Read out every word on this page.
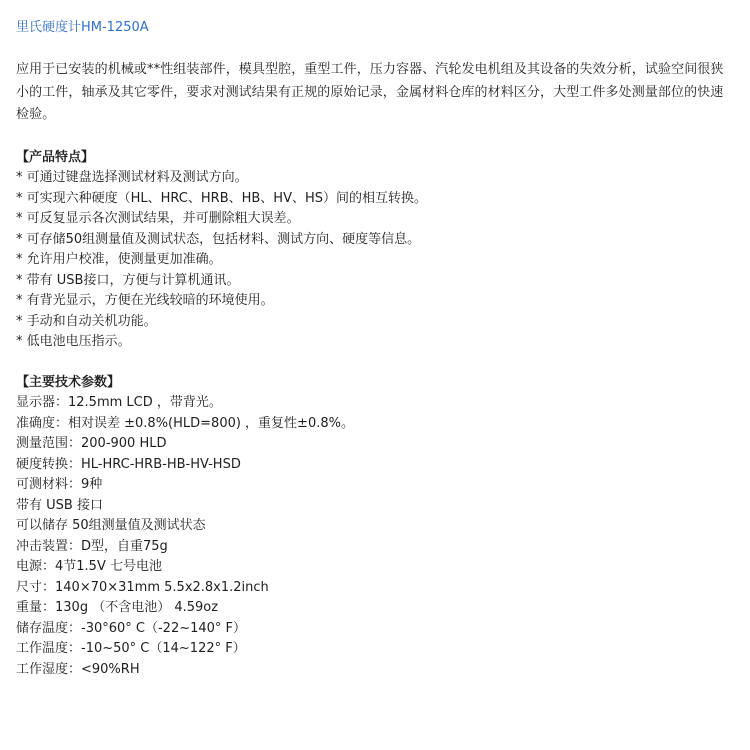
里氏硬度计HM-1250A
应用于已安装的机械或**性组装部件，模具型腔，重型工件，压力容器、汽轮发电机组及其设备的失效分析，试验空间很狭小的工件，轴承及其它零件，要求对测试结果有正规的原始记录，金属材料仓库的材料区分，大型工件多处测量部位的快速检验。
【产品特点】
* 可通过键盘选择测试材料及测试方向。
* 可实现六种硬度（HL、HRC、HRB、HB、HV、HS）间的相互转换。
* 可反复显示各次测试结果，并可删除粗大误差。
* 可存储50组测量值及测试状态，包括材料、测试方向、硬度等信息。
* 允许用户校准，使测量更加准确。
* 带有 USB接口，方便与计算机通讯。
* 有背光显示，方便在光线较暗的环境使用。
* 手动和自动关机功能。
* 低电池电压指示。
【主要技术参数】
显示器：12.5mm LCD ，带背光。
准确度：相对误差 ±0.8%(HLD=800) ，重复性±0.8%。
测量范围：200-900 HLD
硬度转换：HL-HRC-HRB-HB-HV-HSD
可测材料：9种
带有 USB 接口
可以储存 50组测量值及测试状态
冲击装置：D型，自重75g
电源：4节1.5V 七号电池
尺寸：140×70×31mm 5.5x2.8x1.2inch
重量：130g （不含电池） 4.59oz
储存温度：-30°60° C（-22~140° F）
工作温度：-10~50° C（14~122° F）
工作湿度：<90%RH
